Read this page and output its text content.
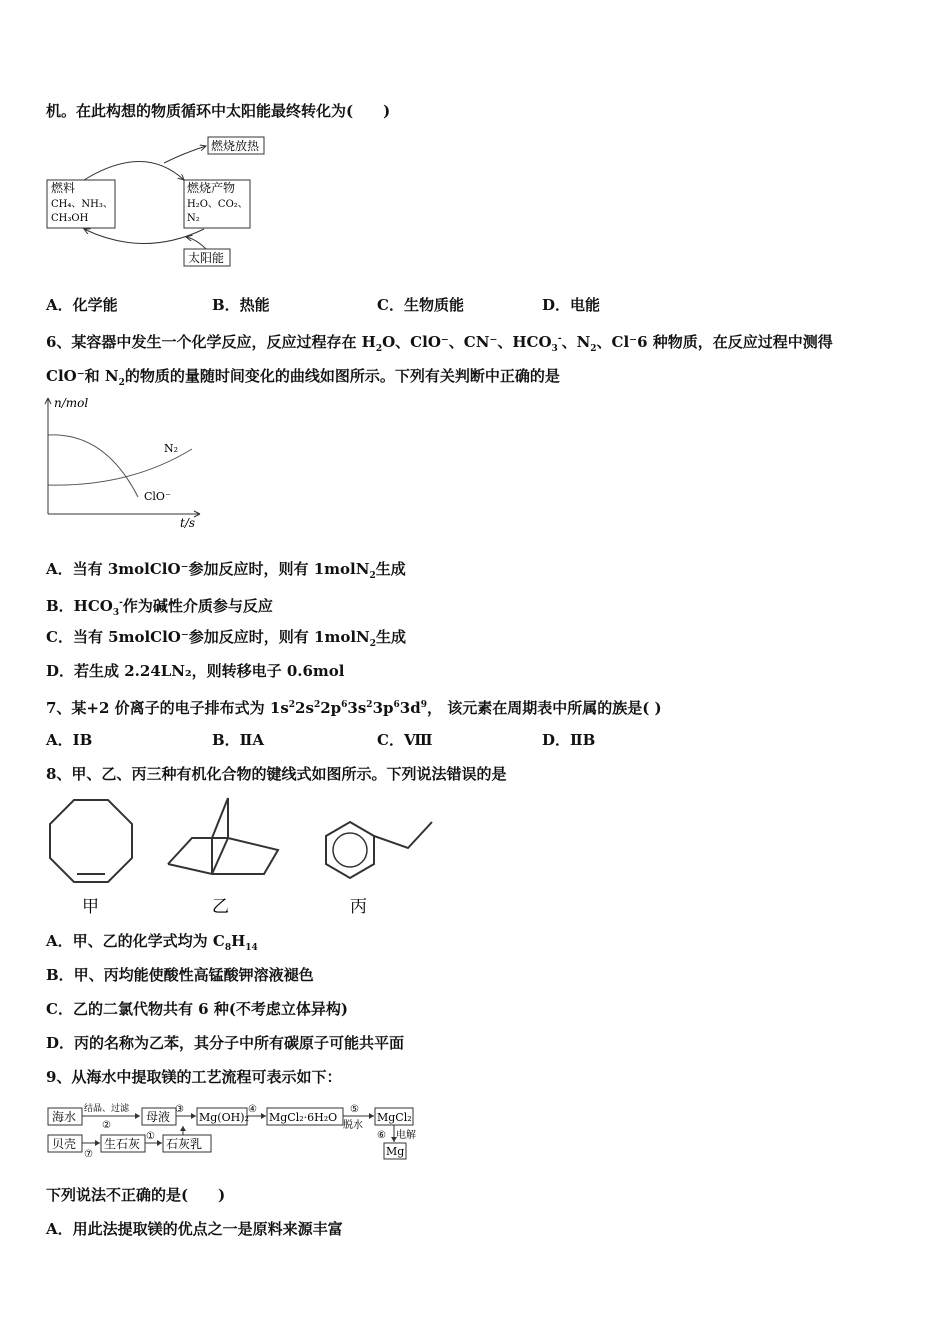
机。在此构想的物质循环中太阳能最终转化为(　　)
燃烧放热
燃料
CH₄、NH₃、
CH₃OH
燃烧产物
H₂O、CO₂、
N₂
太阳能
A．化学能	B．热能	C．生物质能	D．电能
6、某容器中发生一个化学反应，反应过程存在 $H_2O$、ClO⁻、CN⁻、$HCO_3^-$、$N_2$、Cl⁻6 种物质，在反应过程中测得
ClO⁻和 $N_2$的物质的量随时间变化的曲线如图所示。下列有关判断中正确的是
n/mol
t/s
N₂
ClO⁻
A．当有 3molClO⁻参加反应时，则有 1molN$_2$生成
B．$HCO_3^-$作为碱性介质参与反应
C．当有 5molClO⁻参加反应时，则有 1molN$_2$生成
D．若生成 2.24LN₂，则转移电子 0.6mol
7、某+2 价离子的电子排布式为 $1s^22s^22p^63s^23p^63d^9$， 该元素在周期表中所属的族是( )
A．ⅠB	B．ⅡA	C．Ⅷ	D．ⅡB
8、甲、乙、丙三种有机化合物的键线式如图所示。下列说法错误的是
甲	乙	丙
A．甲、乙的化学式均为 $C_8H_{14}$
B．甲、丙均能使酸性高锰酸钾溶液褪色
C．乙的二氯代物共有 6 种(不考虑立体异构)
D．丙的名称为乙苯，其分子中所有碳原子可能共平面
9、从海水中提取镁的工艺流程可表示如下：
海水
结晶、过滤
②
母液
③
Mg(OH)₂
④
MgCl₂·6H₂O
⑤
脱水
MgCl₂
⑥ 电解
Mg
贝壳
⑦
生石灰
①
石灰乳
下列说法不正确的是(　　)
A．用此法提取镁的优点之一是原料来源丰富
